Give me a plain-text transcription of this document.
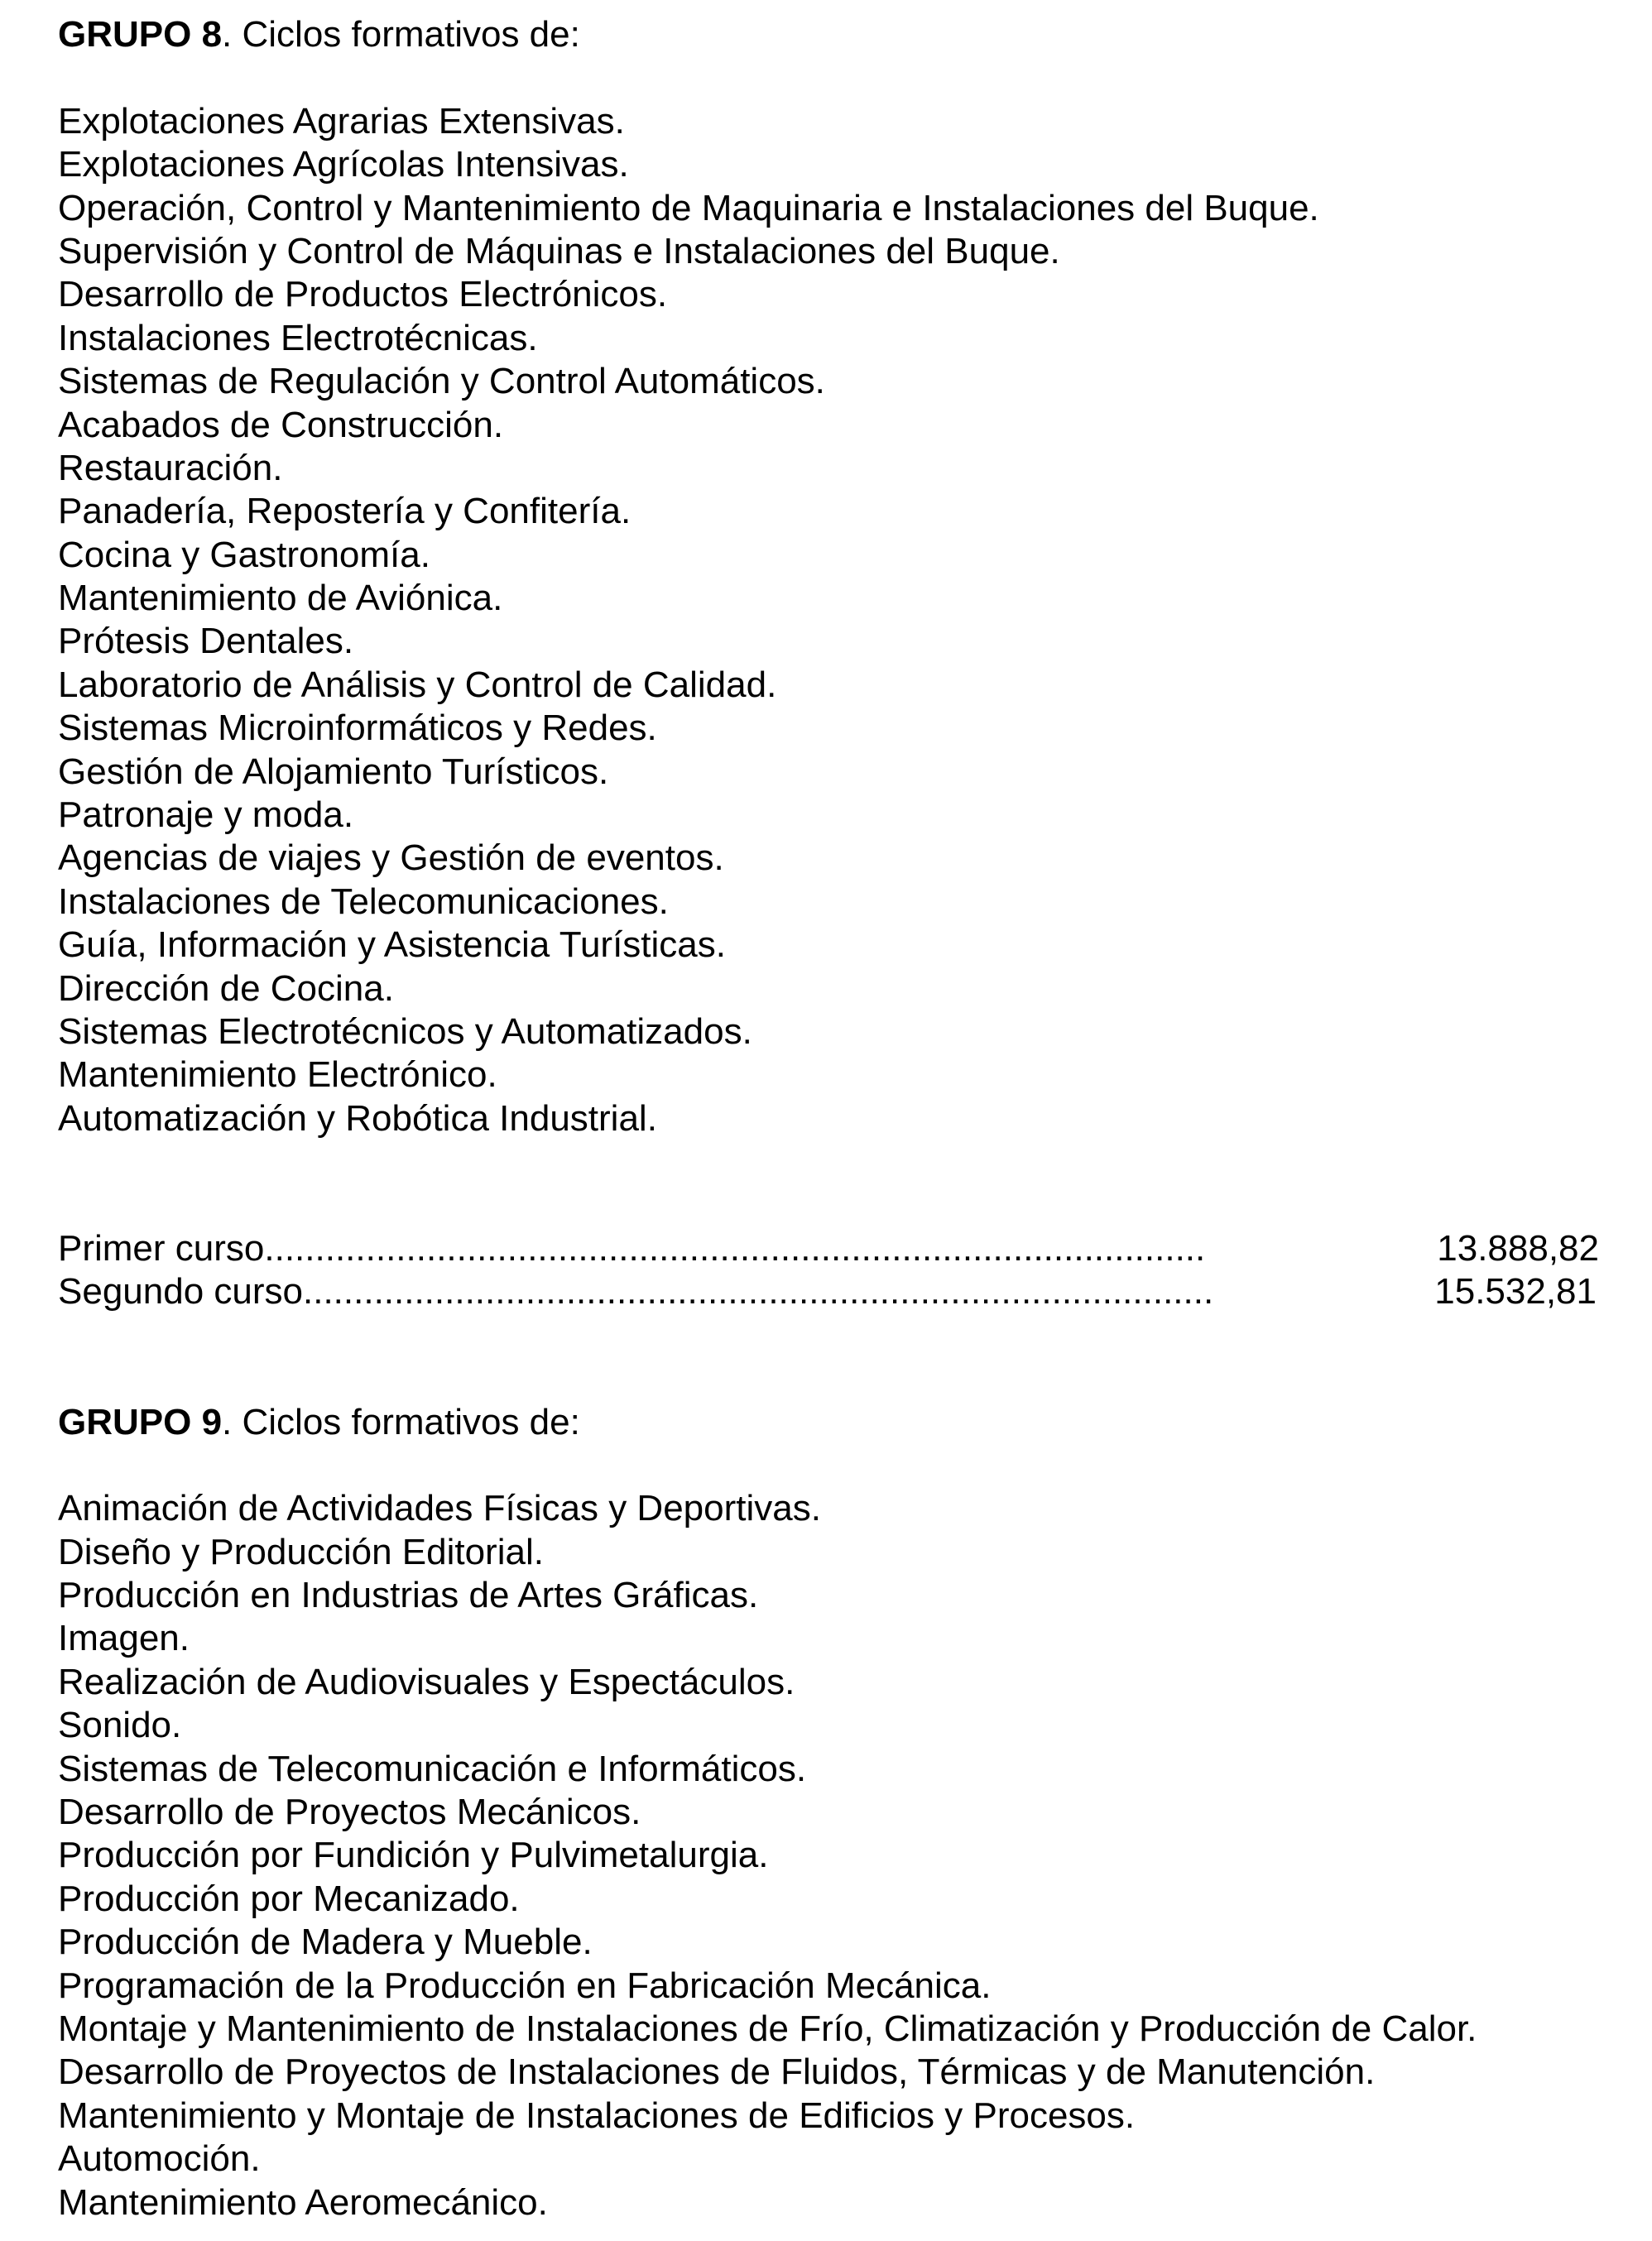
GRUPO 8. Ciclos formativos de:
Explotaciones Agrarias Extensivas.
Explotaciones Agrícolas Intensivas.
Operación, Control y Mantenimiento de Maquinaria e Instalaciones del Buque.
Supervisión y Control de Máquinas e Instalaciones del Buque.
Desarrollo de Productos Electrónicos.
Instalaciones Electrotécnicas.
Sistemas de Regulación y Control Automáticos.
Acabados de Construcción.
Restauración.
Panadería, Repostería y Confitería.
Cocina y Gastronomía.
Mantenimiento de Aviónica.
Prótesis Dentales.
Laboratorio de Análisis y Control de Calidad.
Sistemas Microinformáticos y Redes.
Gestión de Alojamiento Turísticos.
Patronaje y moda.
Agencias de viajes y Gestión de eventos.
Instalaciones de Telecomunicaciones.
Guía, Información y Asistencia Turísticas.
Dirección de Cocina.
Sistemas Electrotécnicos y Automatizados.
Mantenimiento Electrónico.
Automatización y Robótica Industrial.
Primer curso.............................................................................................	13.888,82
Segundo curso..........................................................................................	15.532,81
GRUPO 9. Ciclos formativos de:
Animación de Actividades Físicas y Deportivas.
Diseño y Producción Editorial.
Producción en Industrias de Artes Gráficas.
Imagen.
Realización de Audiovisuales y Espectáculos.
Sonido.
Sistemas de Telecomunicación e Informáticos.
Desarrollo de Proyectos Mecánicos.
Producción por Fundición y Pulvimetalurgia.
Producción por Mecanizado.
Producción de Madera y Mueble.
Programación de la Producción en Fabricación Mecánica.
Montaje y Mantenimiento de Instalaciones de Frío, Climatización y Producción de Calor.
Desarrollo de Proyectos de Instalaciones de Fluidos, Térmicas y de Manutención.
Mantenimiento y Montaje de Instalaciones de Edificios y Procesos.
Automoción.
Mantenimiento Aeromecánico.
